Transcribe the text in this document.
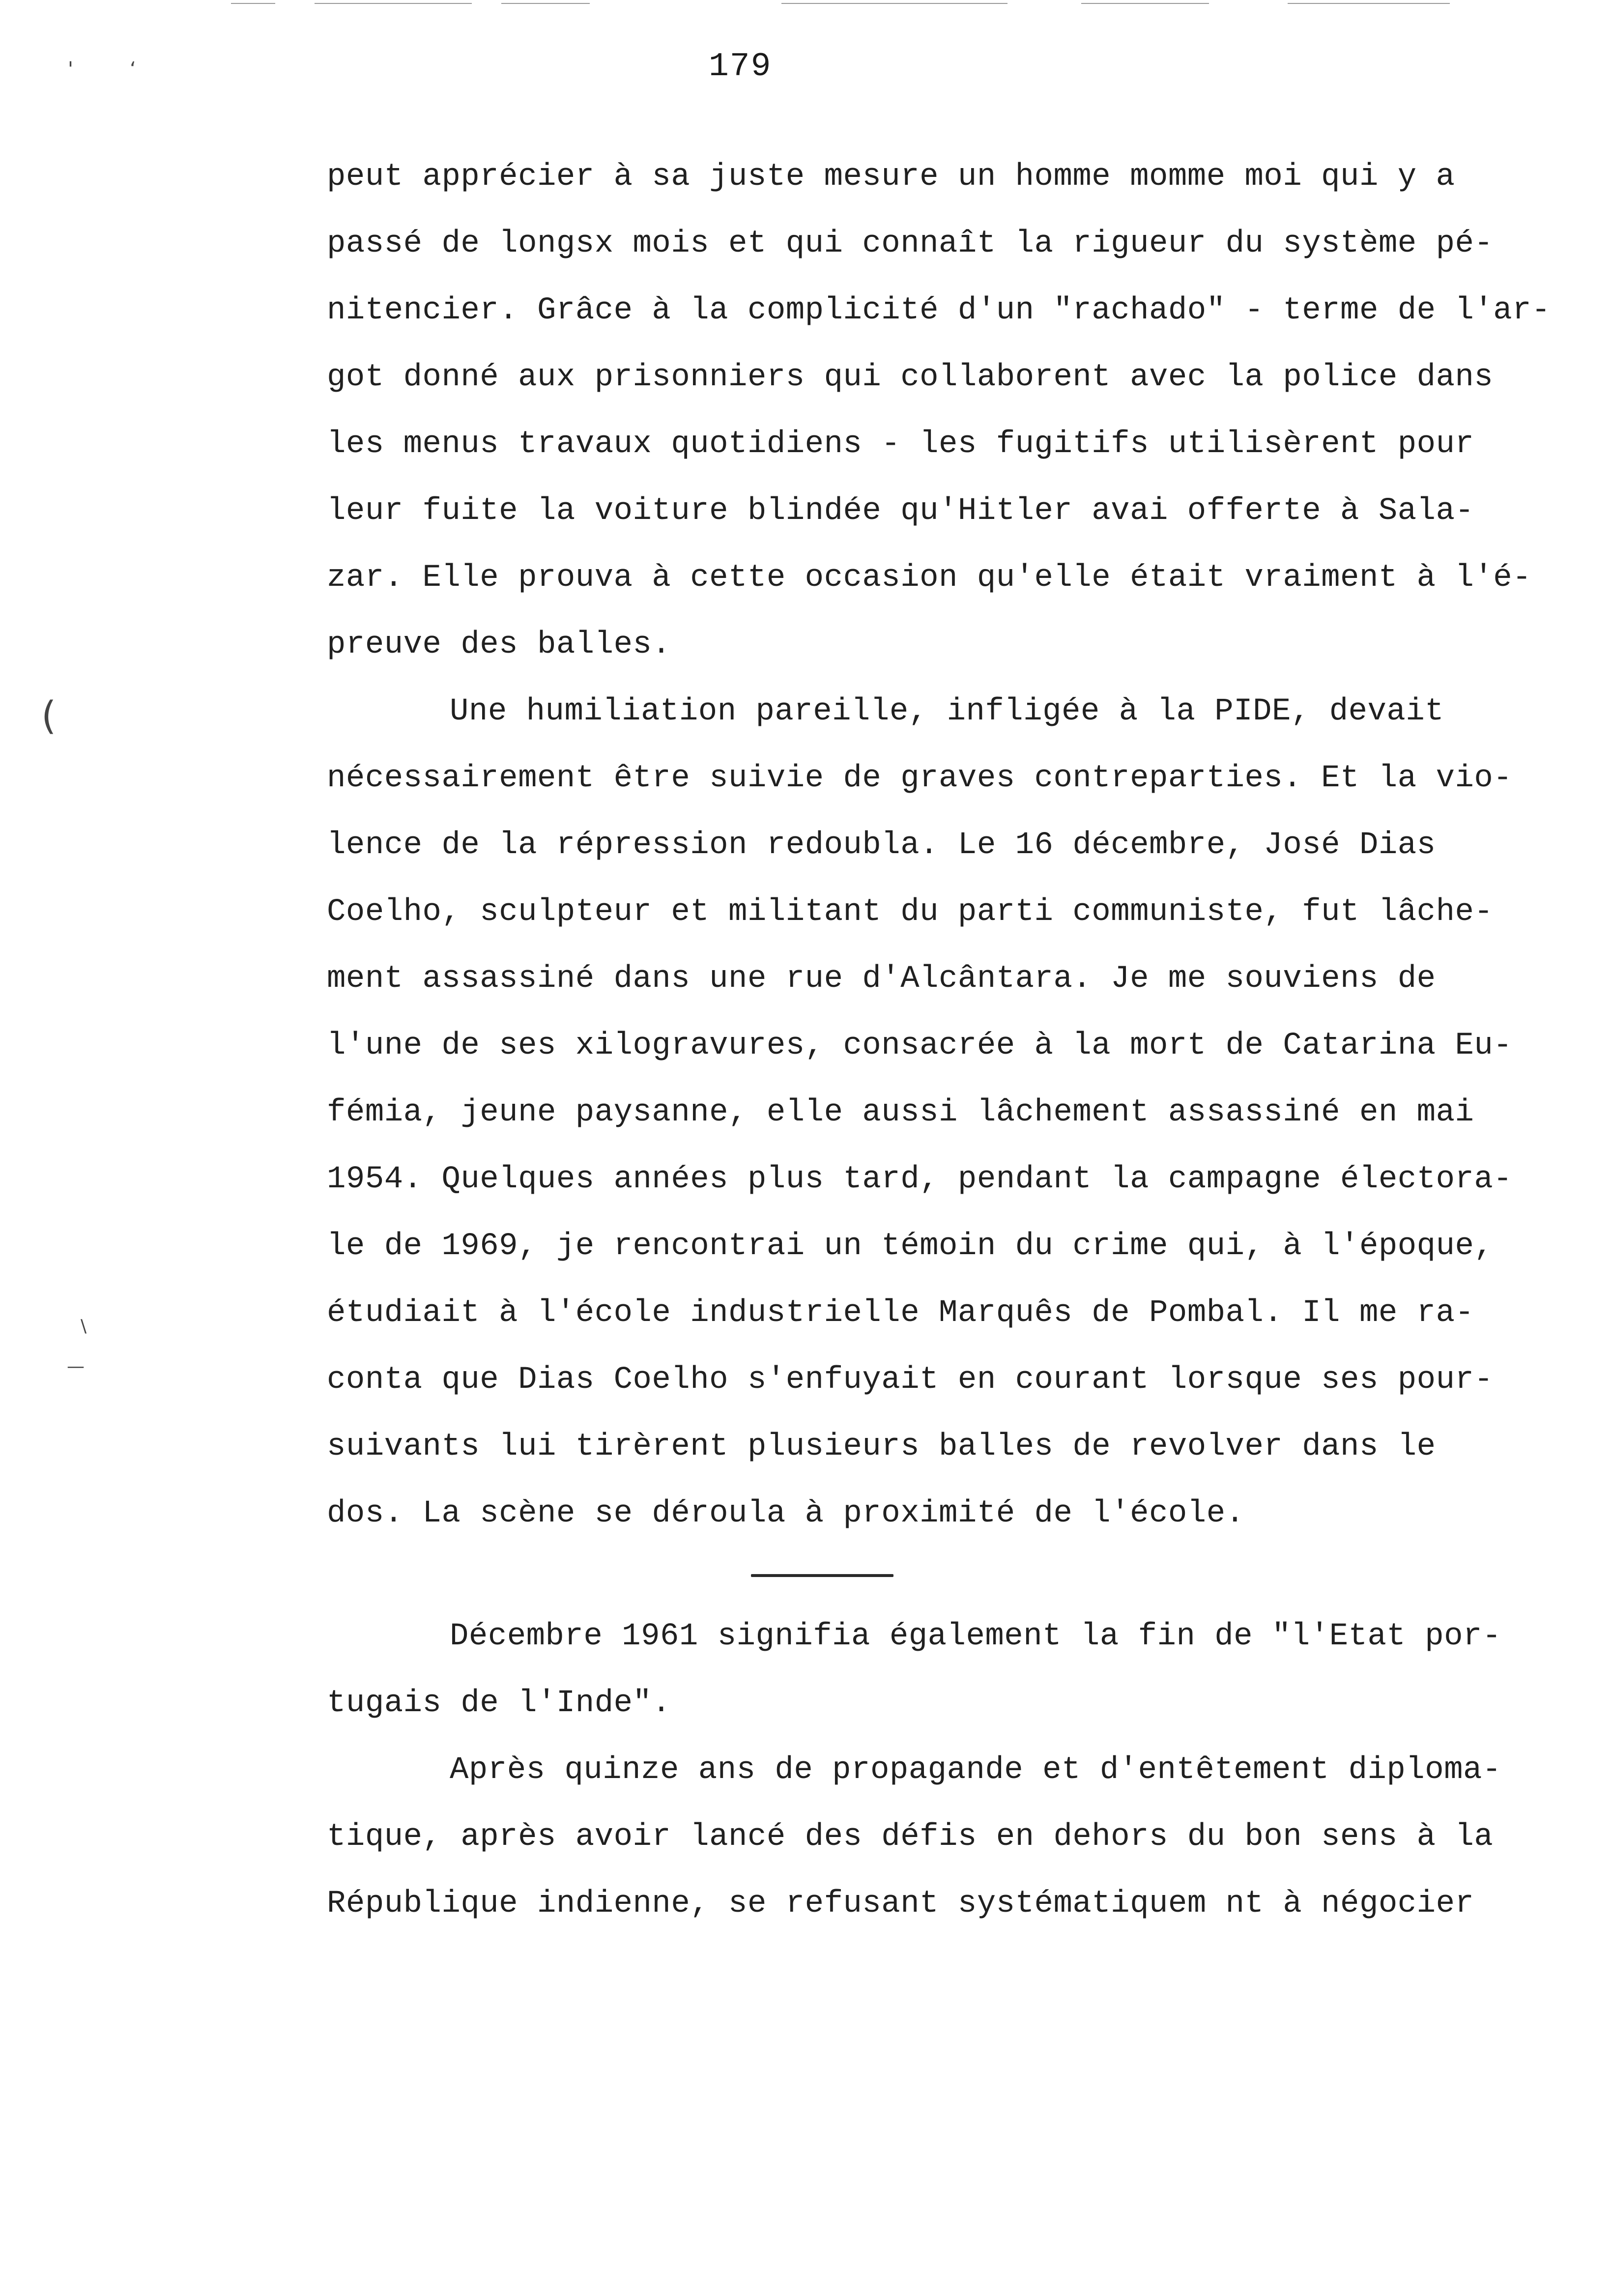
'	‘
(
\
—
179
peut apprécier à sa juste mesure un homme momme moi qui y a
passé de longsx mois et qui connaît la rigueur du système pé-
nitencier. Grâce à la complicité d'un "rachado" - terme de l'ar-
got donné aux prisonniers qui collaborent avec la police dans
les menus travaux quotidiens - les fugitifs utilisèrent pour
leur fuite la voiture blindée qu'Hitler avai offerte à Sala-
zar. Elle prouva à cette occasion qu'elle était vraiment à l'é-
preuve des balles.
Une humiliation pareille, infligée à la PIDE, devait
nécessairement être suivie de graves contreparties. Et la vio-
lence de la répression redoubla. Le 16 décembre, José Dias
Coelho, sculpteur et militant du parti communiste, fut lâche-
ment assassiné dans une rue d'Alcântara. Je me souviens de
l'une de ses xilogravures, consacrée à la mort de Catarina Eu-
fémia, jeune paysanne, elle aussi lâchement assassiné en mai
1954. Quelques années plus tard, pendant la campagne électora-
le de 1969, je rencontrai un témoin du crime qui, à l'époque,
étudiait à l'école industrielle Marquês de Pombal. Il me ra-
conta que Dias Coelho s'enfuyait en courant lorsque ses pour-
suivants lui tirèrent plusieurs balles de revolver dans le
dos. La scène se déroula à proximité de l'école.
Décembre 1961 signifia également la fin de "l'Etat por-
tugais de l'Inde".
Après quinze ans de propagande et d'entêtement diploma-
tique, après avoir lancé des défis en dehors du bon sens à la
République indienne, se refusant systématiquem nt à négocier
